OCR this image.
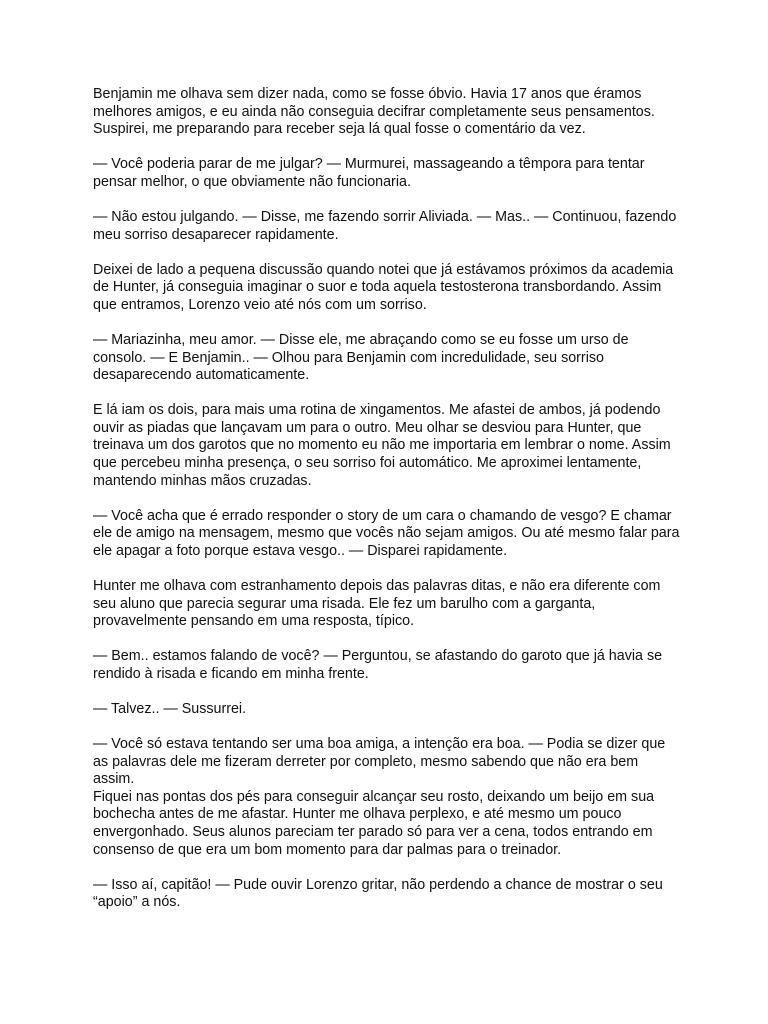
Benjamin me olhava sem dizer nada, como se fosse óbvio. Havia 17 anos que éramos melhores amigos, e eu ainda não conseguia decifrar completamente seus pensamentos. Suspirei, me preparando para receber seja lá qual fosse o comentário da vez.

— Você poderia parar de me julgar? — Murmurei, massageando a têmpora para tentar pensar melhor, o que obviamente não funcionaria.

— Não estou julgando. — Disse, me fazendo sorrir Aliviada. — Mas.. — Continuou, fazendo meu sorriso desaparecer rapidamente.

Deixei de lado a pequena discussão quando notei que já estávamos próximos da academia de Hunter, já conseguia imaginar o suor e toda aquela testosterona transbordando. Assim que entramos, Lorenzo veio até nós com um sorriso.

— Mariazinha, meu amor. — Disse ele, me abraçando como se eu fosse um urso de consolo. — E Benjamin.. — Olhou para Benjamin com incredulidade, seu sorriso desaparecendo automaticamente.

E lá iam os dois, para mais uma rotina de xingamentos. Me afastei de ambos, já podendo ouvir as piadas que lançavam um para o outro. Meu olhar se desviou para Hunter, que treinava um dos garotos que no momento eu não me importaria em lembrar o nome. Assim que percebeu minha presença, o seu sorriso foi automático. Me aproximei lentamente, mantendo minhas mãos cruzadas.

— Você acha que é errado responder o story de um cara o chamando de vesgo? E chamar ele de amigo na mensagem, mesmo que vocês não sejam amigos. Ou até mesmo falar para ele apagar a foto porque estava vesgo.. — Disparei rapidamente.

Hunter me olhava com estranhamento depois das palavras ditas, e não era diferente com seu aluno que parecia segurar uma risada. Ele fez um barulho com a garganta, provavelmente pensando em uma resposta, típico.

— Bem.. estamos falando de você? — Perguntou, se afastando do garoto que já havia se rendido à risada e ficando em minha frente.

— Talvez.. — Sussurrei.

— Você só estava tentando ser uma boa amiga, a intenção era boa. — Podia se dizer que as palavras dele me fizeram derreter por completo, mesmo sabendo que não era bem assim.

Fiquei nas pontas dos pés para conseguir alcançar seu rosto, deixando um beijo em sua bochecha antes de me afastar. Hunter me olhava perplexo, e até mesmo um pouco envergonhado. Seus alunos pareciam ter parado só para ver a cena, todos entrando em consenso de que era um bom momento para dar palmas para o treinador.

— Isso aí, capitão! — Pude ouvir Lorenzo gritar, não perdendo a chance de mostrar o seu “apoio” a nós.
